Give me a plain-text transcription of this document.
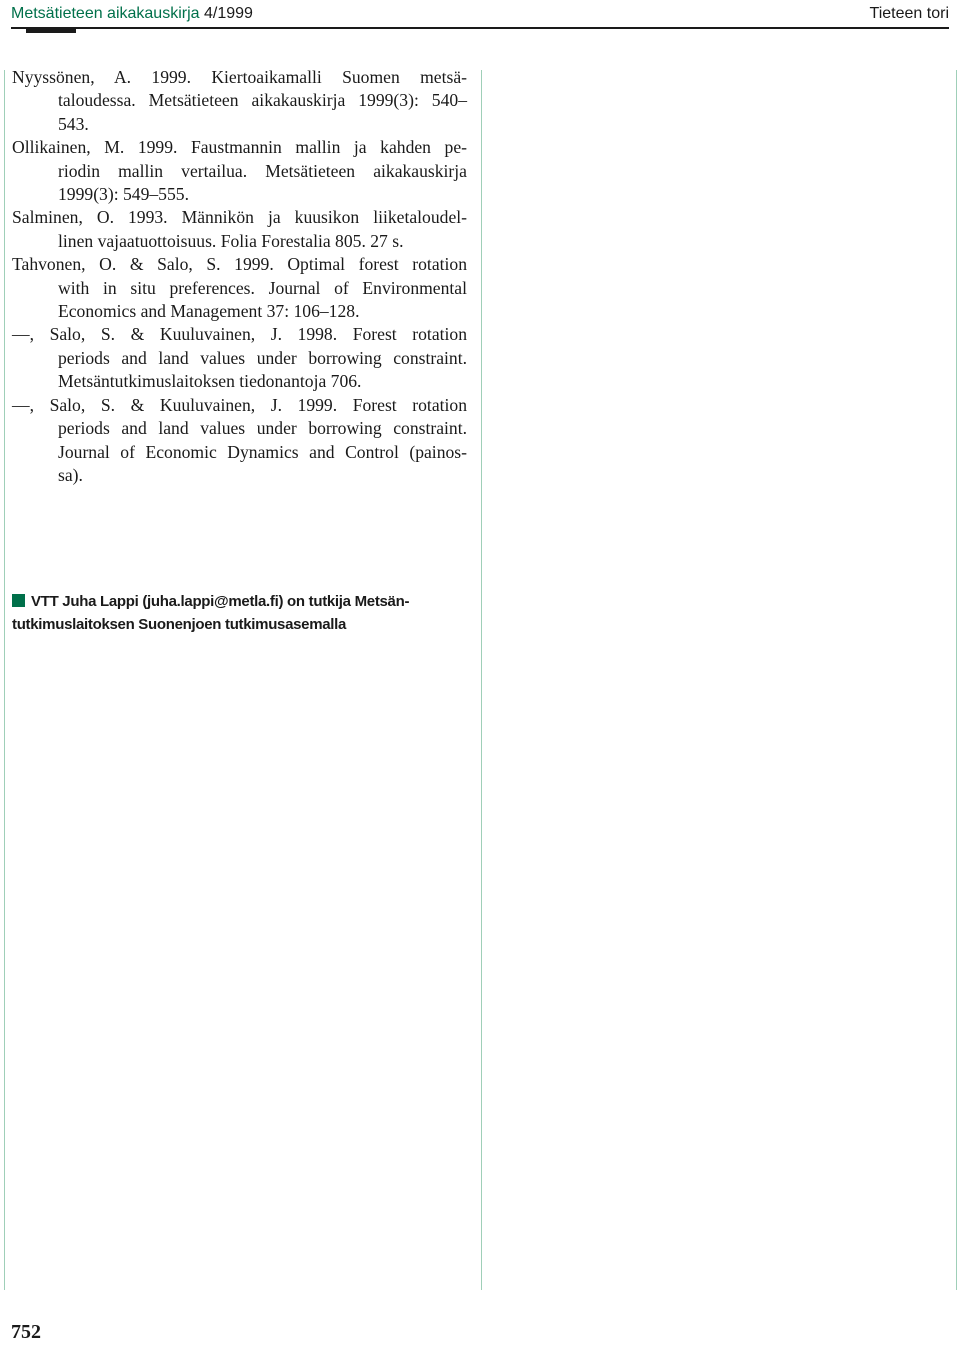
Metsätieteen aikakauskirja 4/1999	Tieteen tori

Nyyssönen, A. 1999. Kiertoaikamalli Suomen metsä-
taloudessa. Metsätieteen aikakauskirja 1999(3): 540–
543.

Ollikainen, M. 1999. Faustmannin mallin ja kahden pe-
riodin mallin vertailua. Metsätieteen aikakauskirja
1999(3): 549–555.

Salminen, O. 1993. Männikön ja kuusikon liiketaloudel-
linen vajaatuottoisuus. Folia Forestalia 805. 27 s.

Tahvonen, O. & Salo, S. 1999. Optimal forest rotation
with in situ preferences. Journal of Environmental
Economics and Management 37: 106–128.

—, Salo, S. & Kuuluvainen, J. 1998. Forest rotation
periods and land values under borrowing constraint.
Metsäntutkimuslaitoksen tiedonantoja 706.

—, Salo, S. & Kuuluvainen, J. 1999. Forest rotation
periods and land values under borrowing constraint.
Journal of Economic Dynamics and Control (painos-
sa).

VTT Juha Lappi (juha.lappi@metla.fi) on tutkija Metsän-
tutkimuslaitoksen Suonenjoen tutkimusasemalla
752
